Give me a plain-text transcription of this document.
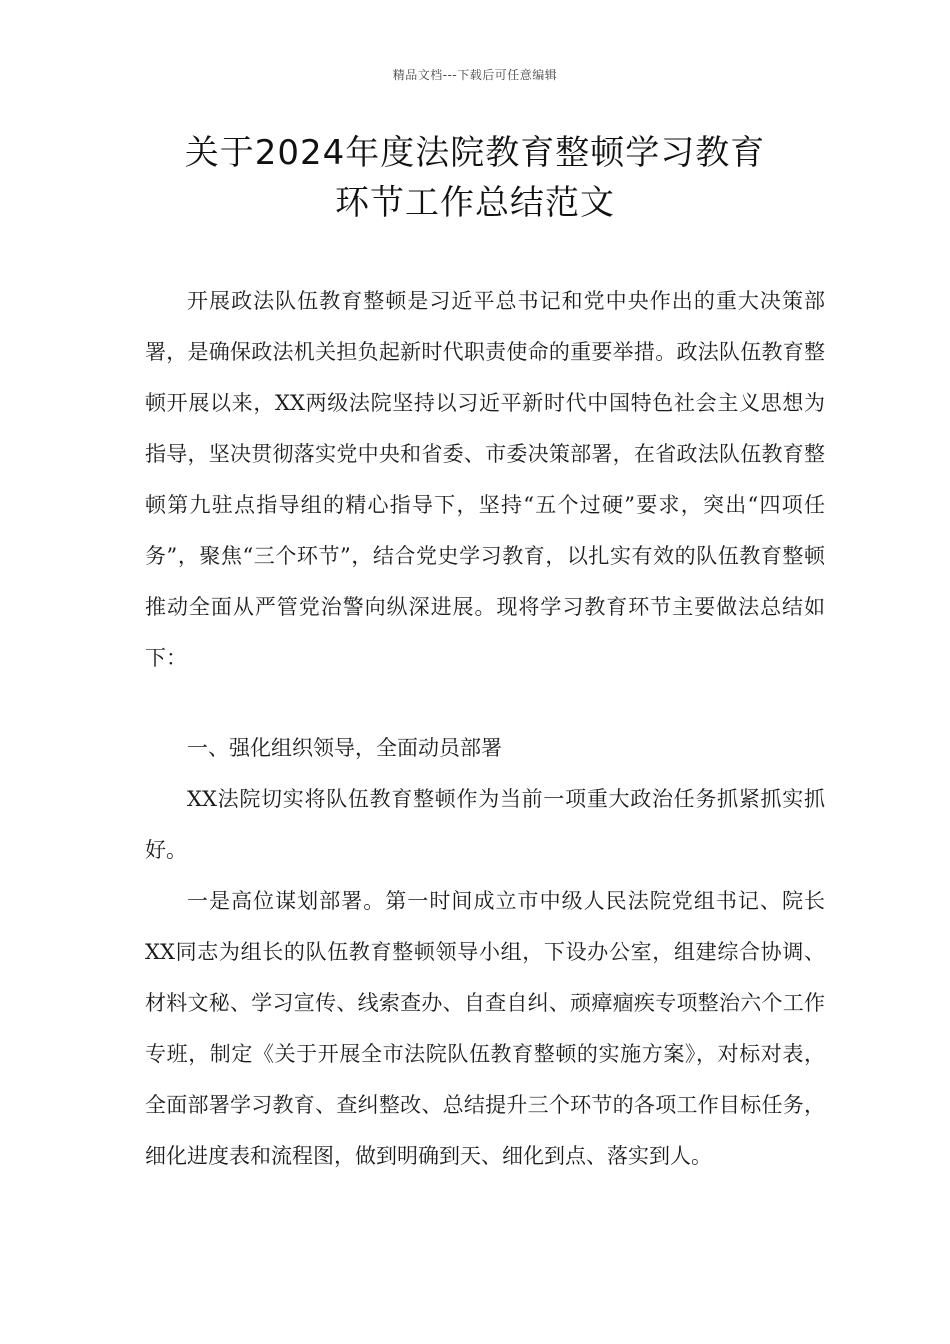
精品文档---下载后可任意编辑
关于2024年度法院教育整顿学习教育
环节工作总结范文

开展政法队伍教育整顿是习近平总书记和党中央作出的重大决策部署，是确保政法机关担负起新时代职责使命的重要举措。政法队伍教育整顿开展以来，XX两级法院坚持以习近平新时代中国特色社会主义思想为指导，坚决贯彻落实党中央和省委、市委决策部署，在省政法队伍教育整顿第九驻点指导组的精心指导下，坚持“五个过硬”要求，突出“四项任务”，聚焦“三个环节”，结合党史学习教育，以扎实有效的队伍教育整顿推动全面从严管党治警向纵深进展。现将学习教育环节主要做法总结如下：

一、强化组织领导，全面动员部署

XX法院切实将队伍教育整顿作为当前一项重大政治任务抓紧抓实抓好。

一是高位谋划部署。第一时间成立市中级人民法院党组书记、院长XX同志为组长的队伍教育整顿领导小组，下设办公室，组建综合协调、材料文秘、学习宣传、线索查办、自查自纠、顽瘴痼疾专项整治六个工作专班，制定《关于开展全市法院队伍教育整顿的实施方案》，对标对表，全面部署学习教育、查纠整改、总结提升三个环节的各项工作目标任务，细化进度表和流程图，做到明确到天、细化到点、落实到人。
